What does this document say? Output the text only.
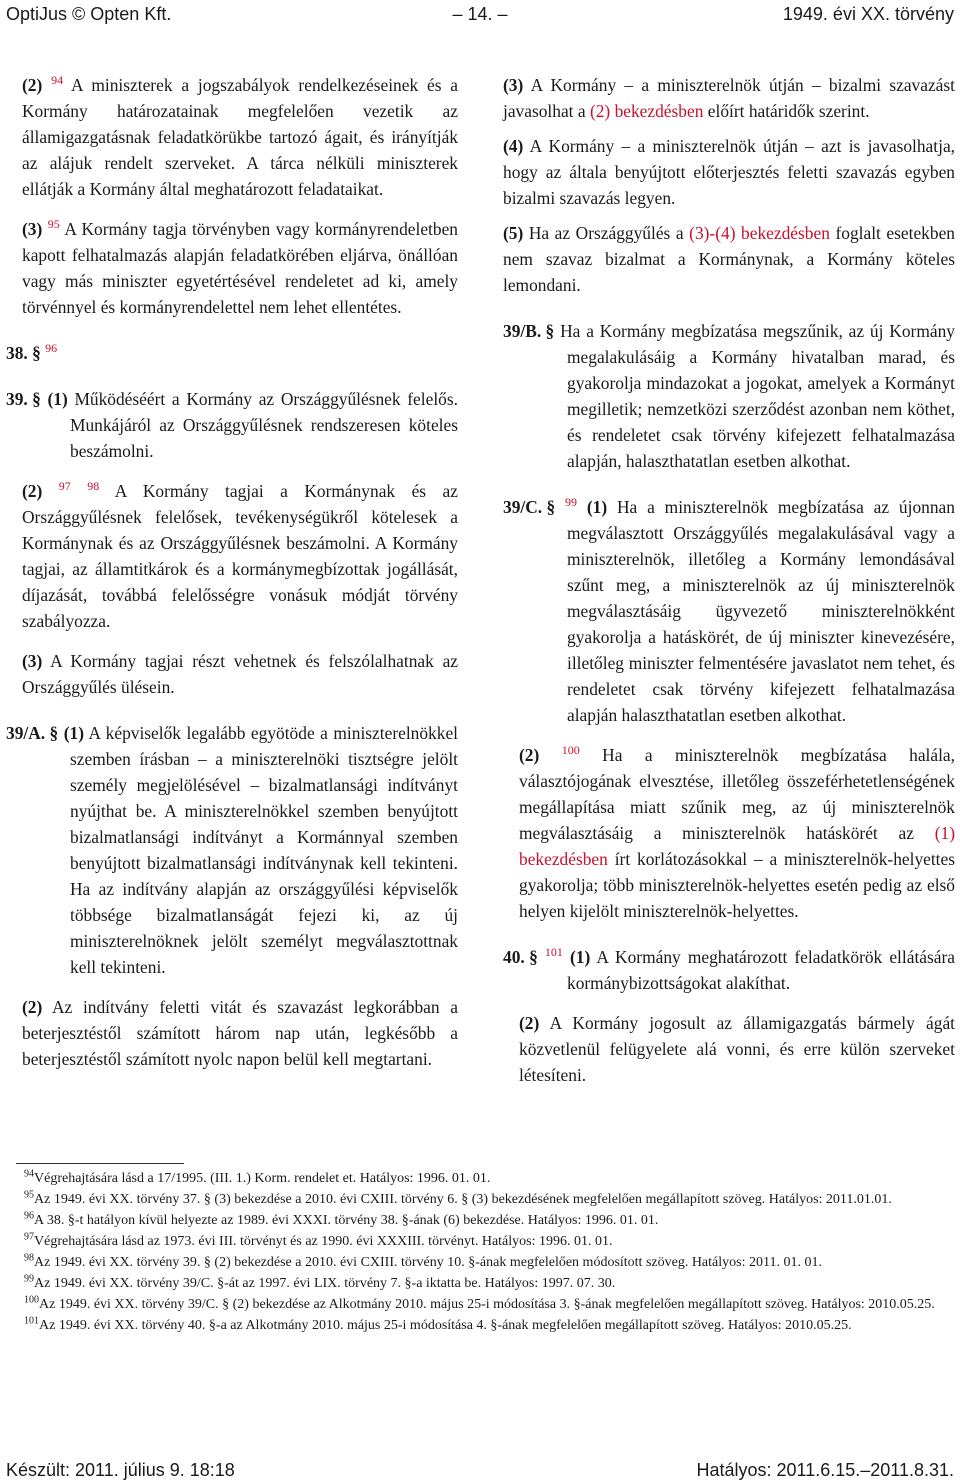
OptiJus © Opten Kft.	– 14. –	1949. évi XX. törvény
(2) $^{94}$ A miniszterek a jogszabályok rendelkezéseinek és a Kormány határozatainak megfelelően vezetik az államigazgatásnak feladatkörükbe tartozó ágait, és irányítják az alájuk rendelt szerveket. A tárca nélküli miniszterek ellátják a Kormány által meghatározott feladataikat.
(3) $^{95}$ A Kormány tagja törvényben vagy kormányrendeletben kapott felhatalmazás alapján feladatkörében eljárva, önállóan vagy más miniszter egyetértésével rendeletet ad ki, amely törvénnyel és kormányrendelettel nem lehet ellentétes.
38. § $^{96}$
39. § (1) Működéséért a Kormány az Országgyűlésnek felelős. Munkájáról az Országgyűlésnek rendszeresen köteles beszámolni.
(2) $^{97}$ $^{98}$ A Kormány tagjai a Kormánynak és az Országgyűlésnek felelősek, tevékenységükről kötelesek a Kormánynak és az Országgyűlésnek beszámolni. A Kormány tagjai, az államtitkárok és a kormánymegbízottak jogállását, díjazását, továbbá felelősségre vonásuk módját törvény szabályozza.
(3) A Kormány tagjai részt vehetnek és felszólalhatnak az Országgyűlés ülésein.
39/A. § (1) A képviselők legalább egyötöde a miniszterelnökkel szemben írásban – a miniszterelnöki tisztségre jelölt személy megjelölésével – bizalmatlansági indítványt nyújthat be. A miniszterelnökkel szemben benyújtott bizalmatlansági indítványt a Kormánnyal szemben benyújtott bizalmatlansági indítványnak kell tekinteni. Ha az indítvány alapján az országgyűlési képviselők többsége bizalmatlanságát fejezi ki, az új miniszterelnöknek jelölt személyt megválasztottnak kell tekinteni.
(2) Az indítvány feletti vitát és szavazást legkorábban a beterjesztéstől számított három nap után, legkésőbb a beterjesztéstől számított nyolc napon belül kell megtartani.
(3) A Kormány – a miniszterelnök útján – bizalmi szavazást javasolhat a (2) bekezdésben előírt határidők szerint.
(4) A Kormány – a miniszterelnök útján – azt is javasolhatja, hogy az általa benyújtott előterjesztés feletti szavazás egyben bizalmi szavazás legyen.
(5) Ha az Országgyűlés a (3)-(4) bekezdésben foglalt esetekben nem szavaz bizalmat a Kormánynak, a Kormány köteles lemondani.
39/B. § Ha a Kormány megbízatása megszűnik, az új Kormány megalakulásáig a Kormány hivatalban marad, és gyakorolja mindazokat a jogokat, amelyek a Kormányt megilletik; nemzetközi szerződést azonban nem köthet, és rendeletet csak törvény kifejezett felhatalmazása alapján, halaszthatatlan esetben alkothat.
39/C. § $^{99}$ (1) Ha a miniszterelnök megbízatása az újonnan megválasztott Országgyűlés megalakulásával vagy a miniszterelnök, illetőleg a Kormány lemondásával szűnt meg, a miniszterelnök az új miniszterelnök megválasztásáig ügyvezető miniszterelnökként gyakorolja a hatáskörét, de új miniszter kinevezésére, illetőleg miniszter felmentésére javaslatot nem tehet, és rendeletet csak törvény kifejezett felhatalmazása alapján halaszthatatlan esetben alkothat.
(2) $^{100}$ Ha a miniszterelnök megbízatása halála, választójogának elvesztése, illetőleg összeférhetetlenségének megállapítása miatt szűnik meg, az új miniszterelnök megválasztásáig a miniszterelnök hatáskörét az (1) bekezdésben írt korlátozásokkal – a miniszterelnök-helyettes gyakorolja; több miniszterelnök-helyettes esetén pedig az első helyen kijelölt miniszterelnök-helyettes.
40. § $^{101}$ (1) A Kormány meghatározott feladatkörök ellátására kormánybizottságokat alakíthat.
(2) A Kormány jogosult az államigazgatás bármely ágát közvetlenül felügyelete alá vonni, és erre külön szerveket létesíteni.
$^{94}$Végrehajtására lásd a 17/1995. (III. 1.) Korm. rendelet et. Hatályos: 1996. 01. 01.
$^{95}$Az 1949. évi XX. törvény 37. § (3) bekezdése a 2010. évi CXIII. törvény 6. § (3) bekezdésének megfelelően megállapított szöveg. Hatályos: 2011.01.01.
$^{96}$A 38. §-t hatályon kívül helyezte az 1989. évi XXXI. törvény 38. §-ának (6) bekezdése. Hatályos: 1996. 01. 01.
$^{97}$Végrehajtására lásd az 1973. évi III. törvényt és az 1990. évi XXXIII. törvényt. Hatályos: 1996. 01. 01.
$^{98}$Az 1949. évi XX. törvény 39. § (2) bekezdése a 2010. évi CXIII. törvény 10. §-ának megfelelően módosított szöveg. Hatályos: 2011. 01. 01.
$^{99}$Az 1949. évi XX. törvény 39/C. §-át az 1997. évi LIX. törvény 7. §-a iktatta be. Hatályos: 1997. 07. 30.
$^{100}$Az 1949. évi XX. törvény 39/C. § (2) bekezdése az Alkotmány 2010. május 25-i módosítása 3. §-ának megfelelően megállapított szöveg. Hatályos: 2010.05.25.
$^{101}$Az 1949. évi XX. törvény 40. §-a az Alkotmány 2010. május 25-i módosítása 4. §-ának megfelelően megállapított szöveg. Hatályos: 2010.05.25.
Készült: 2011. július 9. 18:18	Hatályos: 2011.6.15.–2011.8.31.
